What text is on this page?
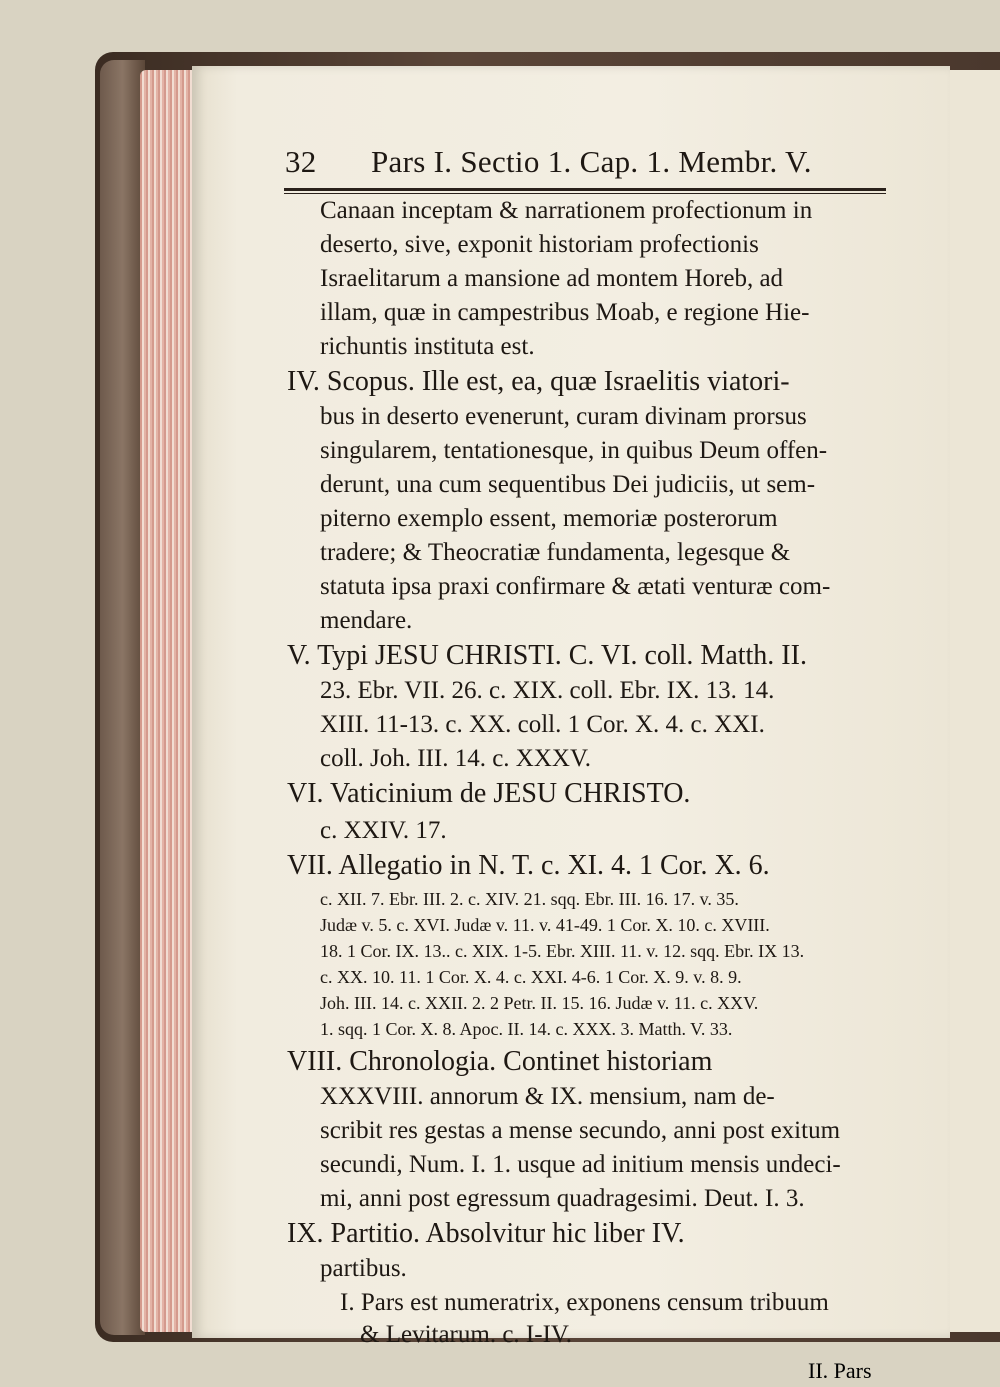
32 Pars I. Sectio 1. Cap. 1. Membr. V.
Canaan inceptam & narrationem profectionum in
deserto, sive, exponit historiam profectionis
Israelitarum a mansione ad montem Horeb, ad
illam, quæ in campestribus Moab, e regione Hie-
richuntis instituta est.
IV. Scopus. Ille est, ea, quæ Israelitis viatori-
bus in deserto evenerunt, curam divinam prorsus
singularem, tentationesque, in quibus Deum offen-
derunt, una cum sequentibus Dei judiciis, ut sem-
piterno exemplo essent, memoriæ posterorum
tradere; & Theocratiæ fundamenta, legesque &
statuta ipsa praxi confirmare & ætati venturæ com-
mendare.
V. Typi JESU CHRISTI. C. VI. coll. Matth. II.
23. Ebr. VII. 26. c. XIX. coll. Ebr. IX. 13. 14.
XIII. 11-13. c. XX. coll. 1 Cor. X. 4. c. XXI.
coll. Joh. III. 14. c. XXXV.
VI. Vaticinium de JESU CHRISTO.
c. XXIV. 17.
VII. Allegatio in N. T. c. XI. 4. 1 Cor. X. 6.
c. XII. 7. Ebr. III. 2. c. XIV. 21. sqq. Ebr. III. 16. 17. v. 35.
Judæ v. 5. c. XVI. Judæ v. 11. v. 41-49. 1 Cor. X. 10. c. XVIII.
18. 1 Cor. IX. 13.. c. XIX. 1-5. Ebr. XIII. 11. v. 12. sqq. Ebr. IX 13.
c. XX. 10. 11. 1 Cor. X. 4. c. XXI. 4-6. 1 Cor. X. 9. v. 8. 9.
Joh. III. 14. c. XXII. 2. 2 Petr. II. 15. 16. Judæ v. 11. c. XXV.
1. sqq. 1 Cor. X. 8. Apoc. II. 14. c. XXX. 3. Matth. V. 33.
VIII. Chronologia. Continet historiam
XXXVIII. annorum & IX. mensium, nam de-
scribit res gestas a mense secundo, anni post exitum
secundi, Num. I. 1. usque ad initium mensis undeci-
mi, anni post egressum quadragesimi. Deut. I. 3.
IX. Partitio. Absolvitur hic liber IV.
partibus.
I. Pars est numeratrix, exponens censum tribuum
& Levitarum. c. I-IV.
II. Pars
